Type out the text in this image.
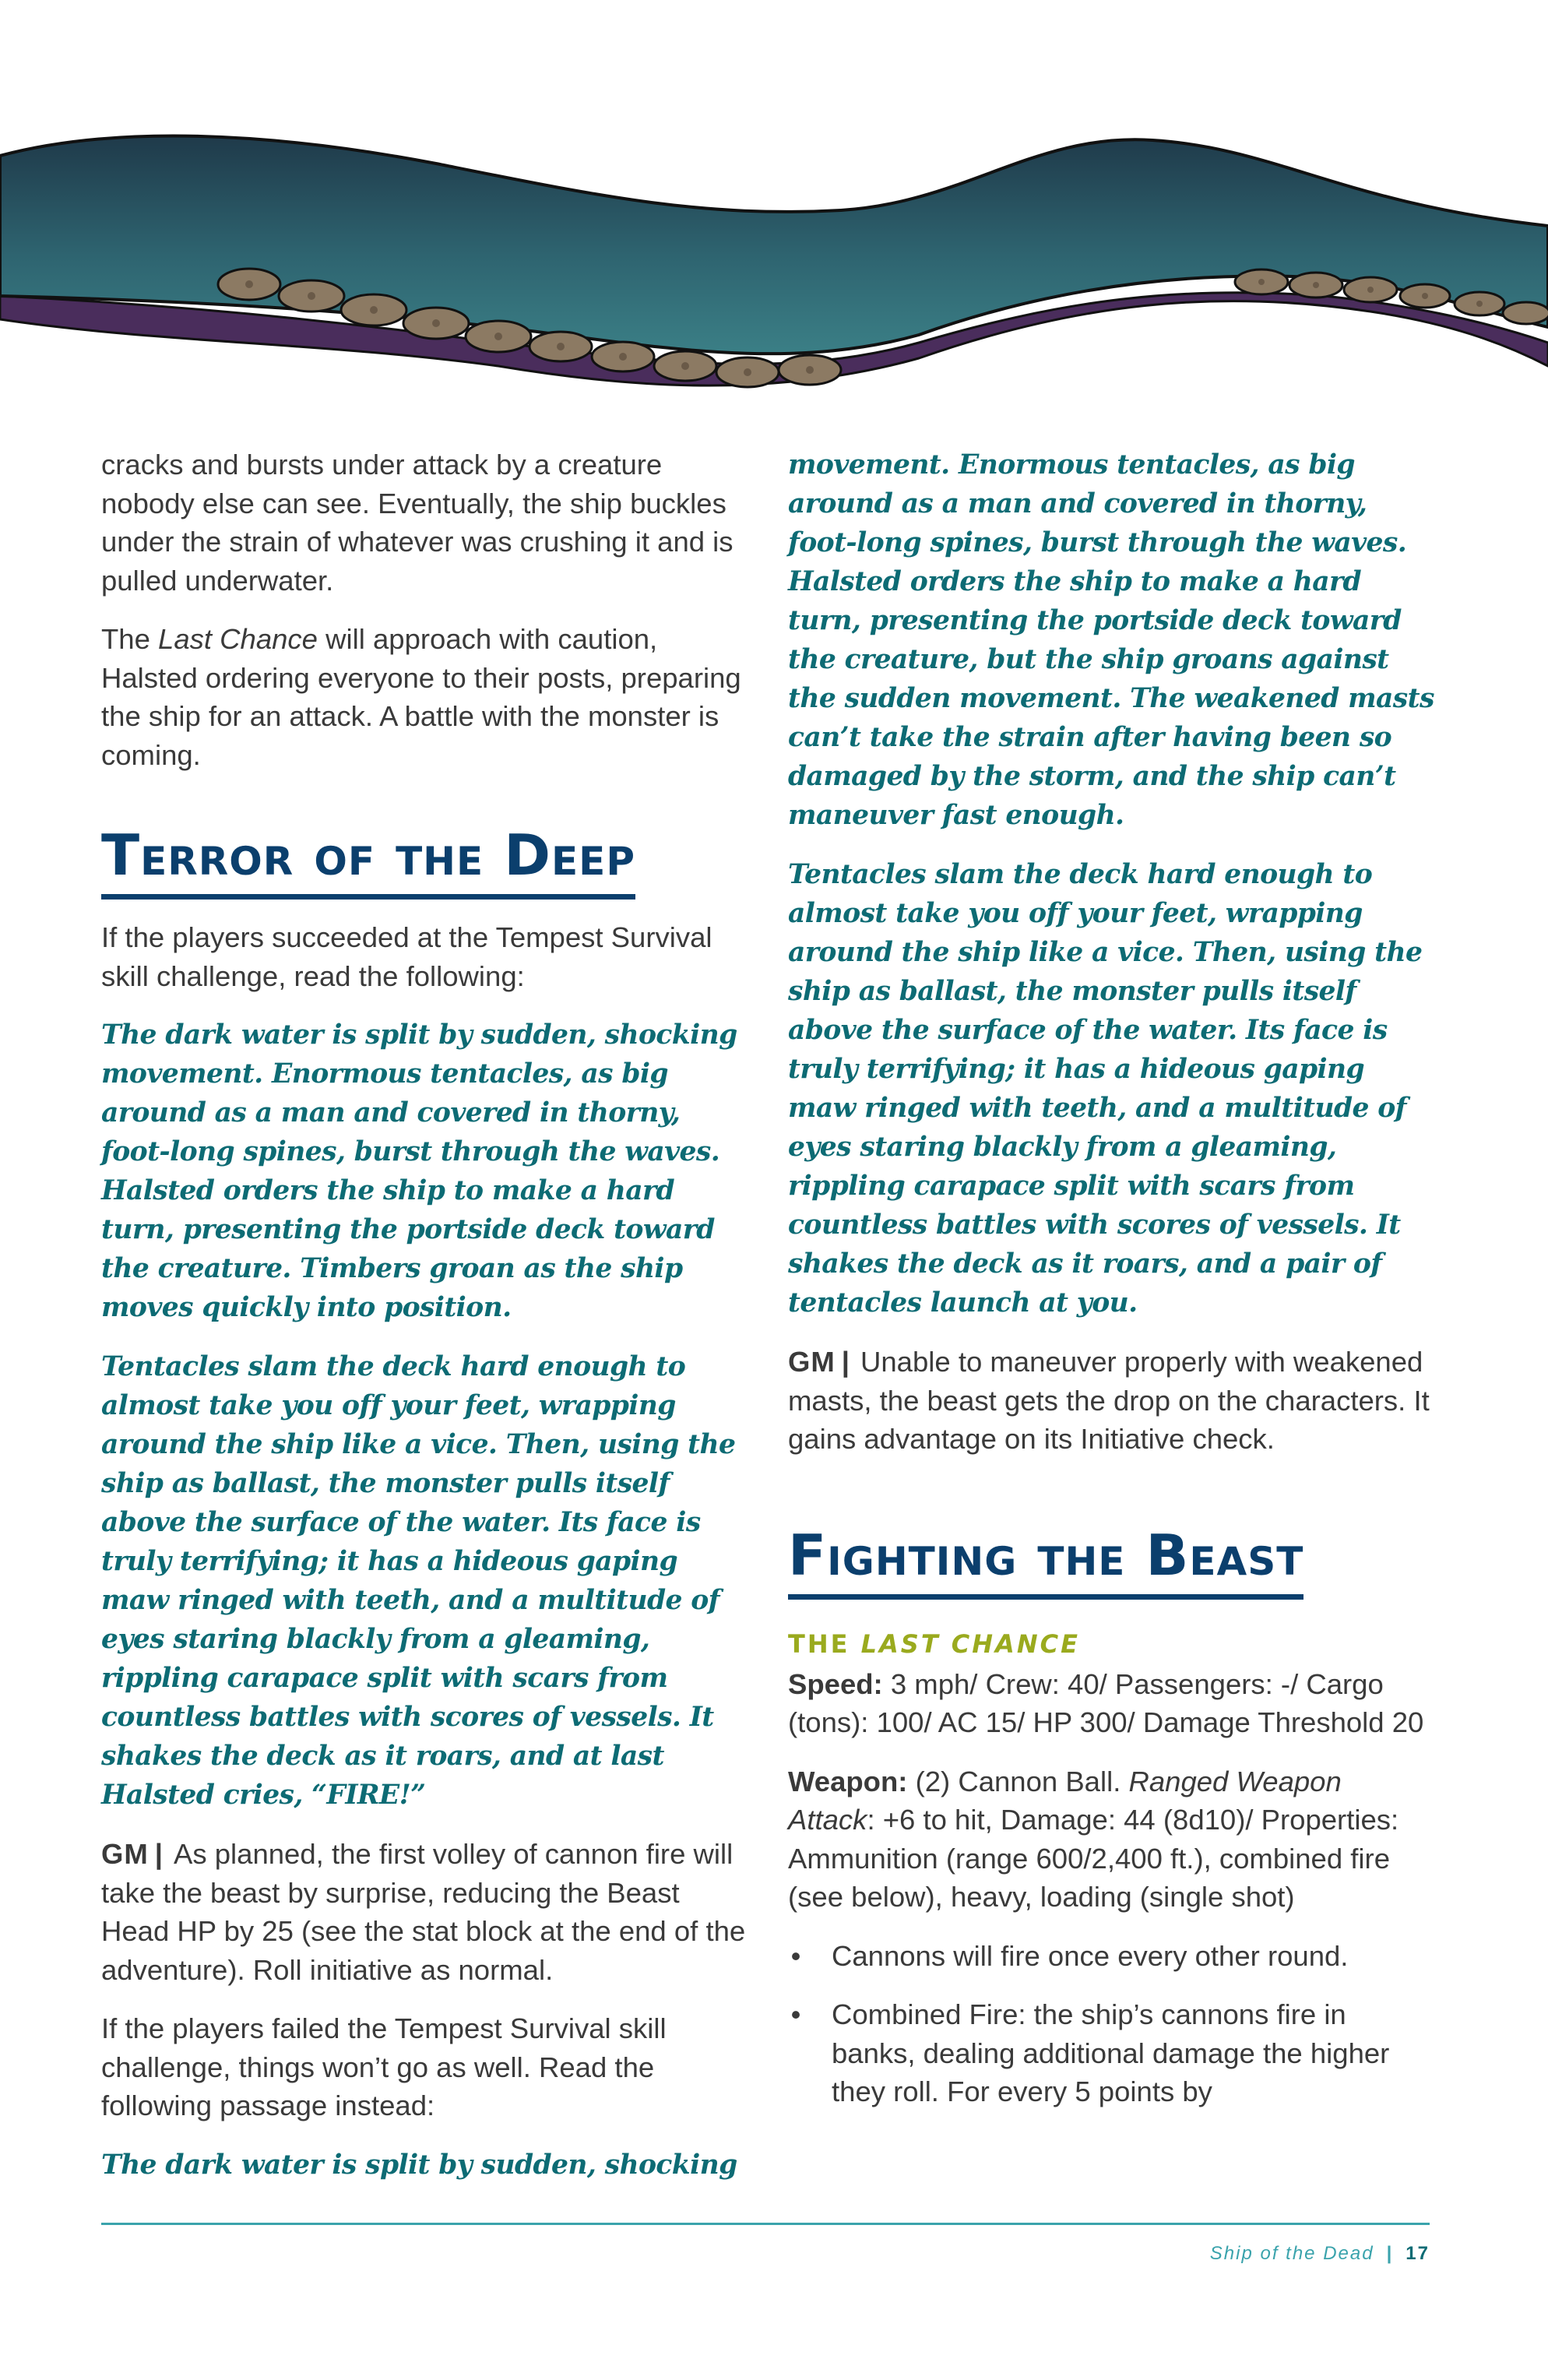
cracks and bursts under attack by a creature nobody else can see. Eventually, the ship buckles under the strain of whatever was crushing it and is pulled underwater.

The Last Chance will approach with caution, Halsted ordering everyone to their posts, preparing the ship for an attack. A battle with the monster is coming.

Terror of the Deep

If the players succeeded at the Tempest Survival skill challenge, read the following:

The dark water is split by sudden, shocking movement. Enormous tentacles, as big around as a man and covered in thorny, foot-long spines, burst through the waves. Halsted orders the ship to make a hard turn, presenting the portside deck toward the creature. Timbers groan as the ship moves quickly into position.

Tentacles slam the deck hard enough to almost take you off your feet, wrapping around the ship like a vice. Then, using the ship as ballast, the monster pulls itself above the surface of the water. Its face is truly terrifying; it has a hideous gaping maw ringed with teeth, and a multitude of eyes staring blackly from a gleaming, rippling carapace split with scars from countless battles with scores of vessels. It shakes the deck as it roars, and at last Halsted cries, “FIRE!”

GM | As planned, the first volley of cannon fire will take the beast by surprise, reducing the Beast Head HP by 25 (see the stat block at the end of the adventure). Roll initiative as normal.

If the players failed the Tempest Survival skill challenge, things won’t go as well. Read the following passage instead:

The dark water is split by sudden, shocking

movement. Enormous tentacles, as big around as a man and covered in thorny, foot-long spines, burst through the waves. Halsted orders the ship to make a hard turn, presenting the portside deck toward the creature, but the ship groans against the sudden movement. The weakened masts can’t take the strain after having been so damaged by the storm, and the ship can’t maneuver fast enough.

Tentacles slam the deck hard enough to almost take you off your feet, wrapping around the ship like a vice. Then, using the ship as ballast, the monster pulls itself above the surface of the water. Its face is truly terrifying; it has a hideous gaping maw ringed with teeth, and a multitude of eyes staring blackly from a gleaming, rippling carapace split with scars from countless battles with scores of vessels. It shakes the deck as it roars, and a pair of tentacles launch at you.

GM | Unable to maneuver properly with weakened masts, the beast gets the drop on the characters. It gains advantage on its Initiative check.

Fighting the Beast
THE LAST CHANCE

Speed: 3 mph/ Crew: 40/ Passengers: -/ Cargo (tons): 100/ AC 15/ HP 300/ Damage Threshold 20

Weapon: (2) Cannon Ball. Ranged Weapon Attack: +6 to hit, Damage: 44 (8d10)/ Properties: Ammunition (range 600/2,400 ft.), combined fire (see below), heavy, loading (single shot)

• Cannons will fire once every other round.
• Combined Fire: the ship’s cannons fire in banks, dealing additional damage the higher they roll. For every 5 points by
Ship of the Dead | 17
